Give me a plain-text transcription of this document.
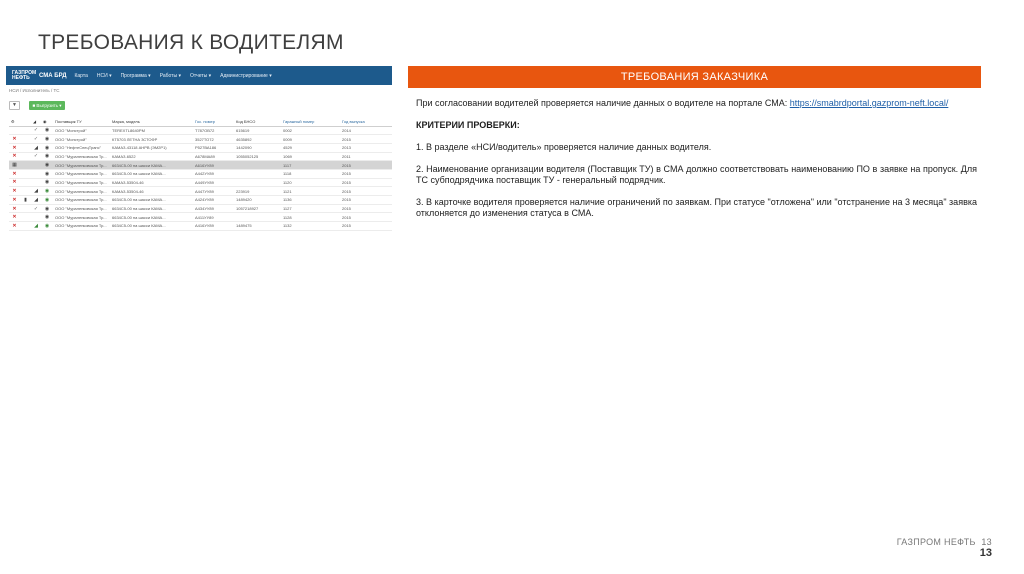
ТРЕБОВАНИЯ К ВОДИТЕЛЯМ
ГАЗПРОМ НЕФТЬ	СМА БРД Карта НСИ ▾ Программа ▾ Работы ▾ Отчеты ▾ Администрирование ▾
НСИ / Исполнитель / ТС
▼	■ Выгрузить ▾
⚙		◢	◉	Поставщик ТУ	Марка, модель	Гос. номер	Код БНСО	Гаражный номер	Год выпуска
		✓	◉	ООО "Монстрой"	TEREXTL8640PM	Т787ОВ72	615619	0002	2014
✕		✓	◉	ООО "Монстрой"	КТ5703 ЛЕТНА 3СТОФР	3527ТО72	4635892	0009	2015
✕		◢	◉	ООО "НефтеСпецТранс"	КАМАЗ-43118 АНРВ (ЭМ2Р1)	Р527ВА186	1442090	4529	2013
✕		✓	◉	ООО "Мураленковская Тр...	КАМАЗ-6522	А678МА89	1055052125	1069	2011
▦			◉	ООО "Мураленковская Тр...	6634С5-00 на шасси КАМА...	А616УУ89		1117	2015
✕			◉	ООО "Мураленковская Тр...	6634С5-00 на шасси КАМА...	А442УУ89		1118	2015
✕			◉	ООО "Мураленковская Тр...	КАМАЗ-53504-46	А449УУ89		1120	2015
✕		◢	◉	ООО "Мураленковская Тр...	КАМАЗ-53504-46	А447УУ89	223919	1121	2015
✕	▮	◢	◉	ООО "Мураленковская Тр...	6634С5-00 на шасси КАМА...	А424УУ89	1489420	1136	2015
✕		✓	◉	ООО "Мураленковская Тр...	6634С5-00 на шасси КАМА...	А434УУ89	1057218927	1127	2015
✕			◉	ООО "Мураленковская Тр...	6634С5-00 на шасси КАМА...	А411УУ89		1128	2015
✕		◢	◉	ООО "Мураленковская Тр...	6634С5-00 на шасси КАМА...	А416УУ89	1489475	1132	2015
ТРЕБОВАНИЯ ЗАКАЗЧИКА
При согласовании водителей проверяется наличие данных о водителе на портале СМА: https://smabrdportal.gazprom-neft.local/
КРИТЕРИИ ПРОВЕРКИ:
1. В разделе «НСИ/водитель» проверяется наличие данных водителя.
2. Наименование организации водителя (Поставщик ТУ) в СМА должно соответствовать наименованию ПО в заявке на пропуск. Для ТС субподрядчика поставщик ТУ - генеральный подрядчик.
3. В карточке водителя проверяется наличие ограничений по заявкам. При статусе "отложена" или "отстранение на 3 месяца" заявка отклоняется до изменения статуса в СМА.
ГАЗПРОМ НЕФТЬ 13
13
